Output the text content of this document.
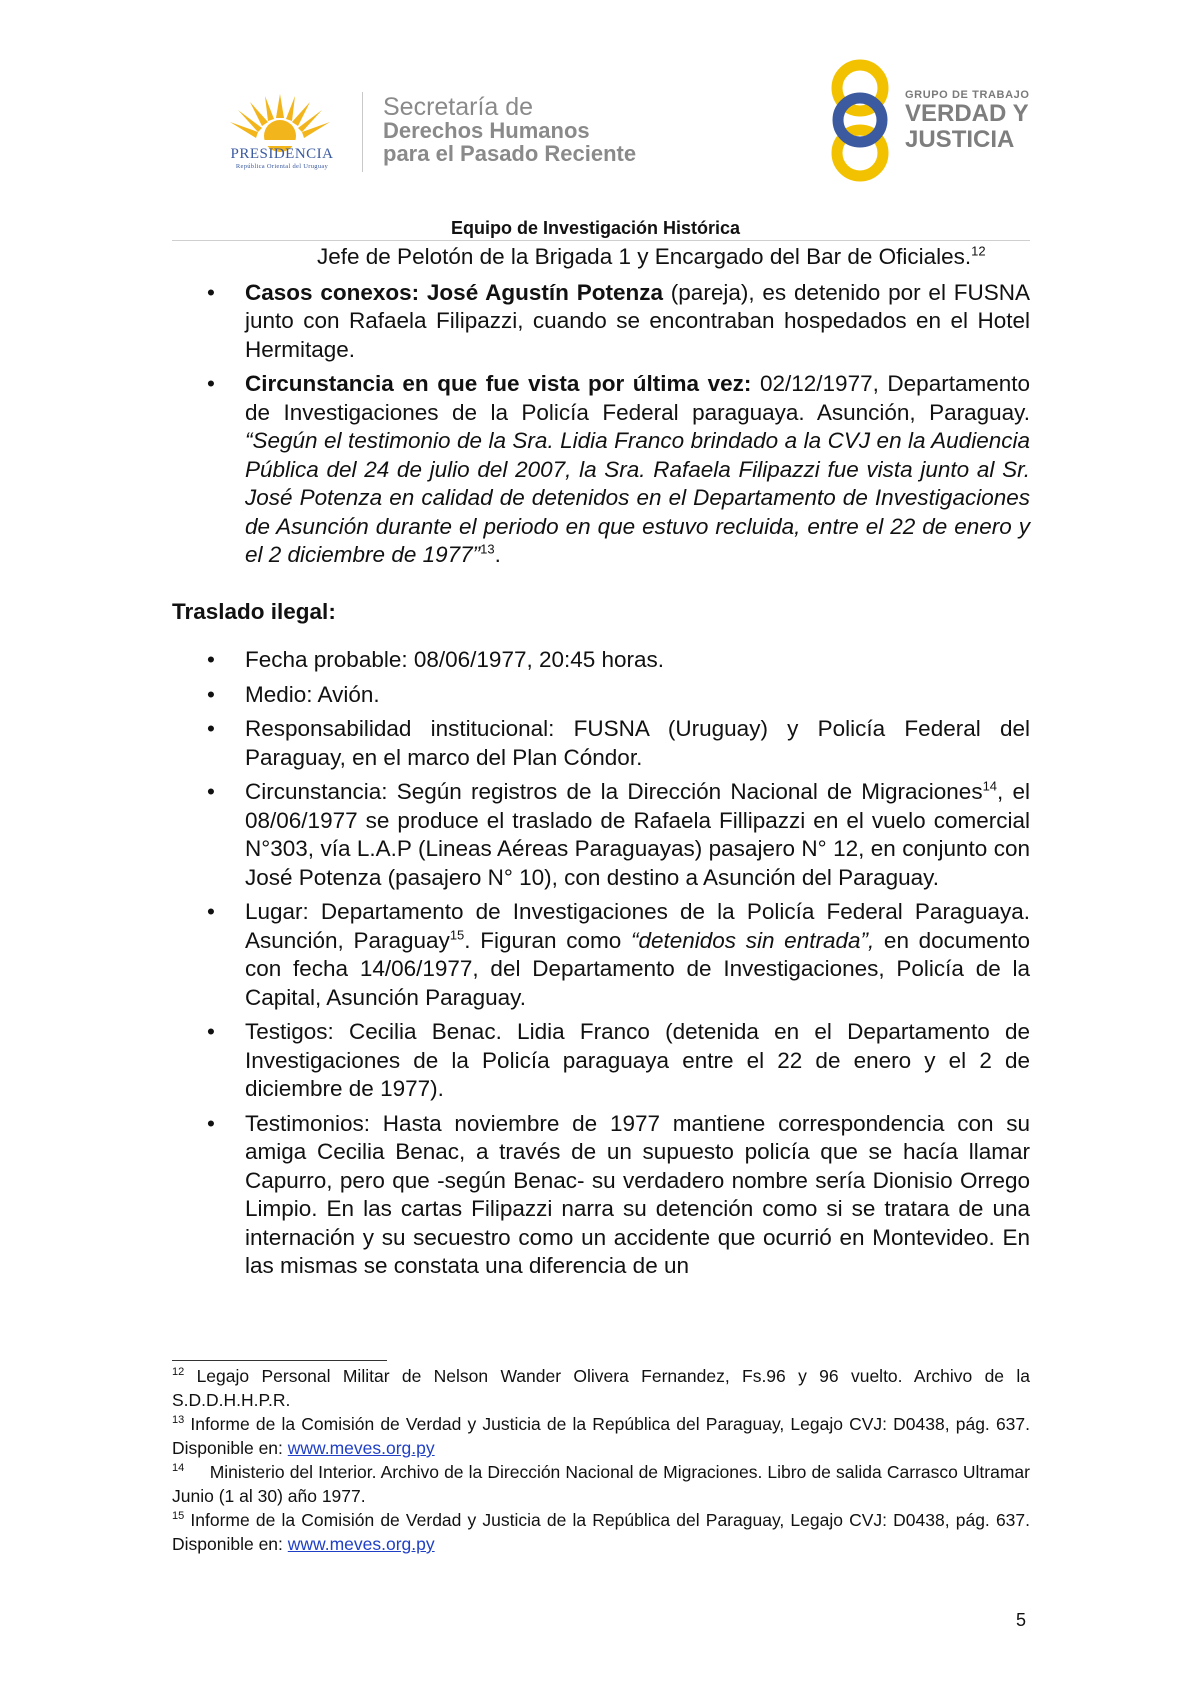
PRESIDENCIA
República Oriental del Uruguay
Secretaría de
Derechos Humanos
para el Pasado Reciente
GRUPO DE TRABAJO
VERDAD Y
JUSTICIA
Equipo de Investigación Histórica
Jefe de Pelotón de la Brigada 1 y Encargado del Bar de Oficiales.$^{12}$
• Casos conexos: José Agustín Potenza (pareja), es detenido por el FUSNA junto con Rafaela Filipazzi, cuando se encontraban hospedados en el Hotel Hermitage.
• Circunstancia en que fue vista por última vez: 02/12/1977, Departamento de Investigaciones de la Policía Federal paraguaya. Asunción, Paraguay. “Según el testimonio de la Sra. Lidia Franco brindado a la CVJ en la Audiencia Pública del 24 de julio del 2007, la Sra. Rafaela Filipazzi fue vista junto al Sr. José Potenza en calidad de detenidos en el Departamento de Investigaciones de Asunción durante el periodo en que estuvo recluida, entre el 22 de enero y el 2 diciembre de 1977”$^{13}$.
Traslado ilegal:
• Fecha probable: 08/06/1977, 20:45 horas.
• Medio: Avión.
• Responsabilidad institucional: FUSNA (Uruguay) y Policía Federal del Paraguay, en el marco del Plan Cóndor.
• Circunstancia: Según registros de la Dirección Nacional de Migraciones$^{14}$, el 08/06/1977 se produce el traslado de Rafaela Fillipazzi en el vuelo comercial N°303, vía L.A.P (Lineas Aéreas Paraguayas) pasajero N° 12, en conjunto con José Potenza (pasajero N° 10), con destino a Asunción del Paraguay.
• Lugar: Departamento de Investigaciones de la Policía Federal Paraguaya. Asunción, Paraguay$^{15}$. Figuran como “detenidos sin entrada”, en documento con fecha 14/06/1977, del Departamento de Investigaciones, Policía de la Capital, Asunción Paraguay.
• Testigos: Cecilia Benac. Lidia Franco (detenida en el Departamento de Investigaciones de la Policía paraguaya entre el 22 de enero y el 2 de diciembre de 1977).
• Testimonios: Hasta noviembre de 1977 mantiene correspondencia con su amiga Cecilia Benac, a través de un supuesto policía que se hacía llamar Capurro, pero que -según Benac- su verdadero nombre sería Dionisio Orrego Limpio. En las cartas Filipazzi narra su detención como si se tratara de una internación y su secuestro como un accidente que ocurrió en Montevideo. En las mismas se constata una diferencia de un
$^{12}$ Legajo Personal Militar de Nelson Wander Olivera Fernandez, Fs.96 y 96 vuelto. Archivo de la S.D.D.H.H.P.R.
$^{13}$ Informe de la Comisión de Verdad y Justicia de la República del Paraguay, Legajo CVJ: D0438, pág. 637. Disponible en: www.meves.org.py
$^{14}$     Ministerio del Interior. Archivo de la Dirección Nacional de Migraciones. Libro de salida Carrasco Ultramar Junio (1 al 30) año 1977.
$^{15}$ Informe de la Comisión de Verdad y Justicia de la República del Paraguay, Legajo CVJ: D0438, pág. 637. Disponible en: www.meves.org.py
5
